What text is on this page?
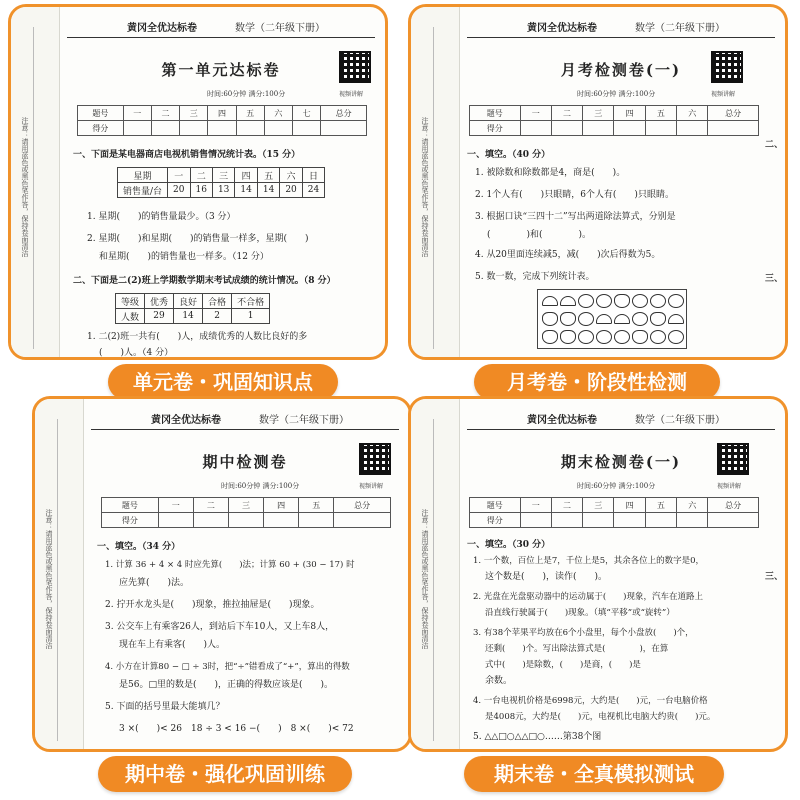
注意：请用蓝色或黑色笔作答，保持卷面清洁
黄冈全优达标卷	数学（二年级下册）
第一单元达标卷
时间:60分钟 满分:100分	视频讲解
题号	一	二	三	四	五	六	七	总分
得分								
一、下面是某电器商店电视机销售情况统计表。（15 分）
星期	一	二	三	四	五	六	日
销售量/台	20	16	13	14	14	20	24
1. 星期(　　)的销售量最少。（3 分）
2. 星期(　　)和星期(　　)的销售量一样多，星期(　　)
和星期(　　)的销售量也一样多。（12 分）
二、下面是二(2)班上学期数学期末考试成绩的统计情况。（8 分）
等级	优秀	良好	合格	不合格
人数	29	14	2	1
1. 二(2)班一共有(　　)人，成绩优秀的人数比良好的多
(　　)人。（4 分）
单元卷・巩固知识点
注意：请用蓝色或黑色笔作答，保持卷面清洁
黄冈全优达标卷	数学（二年级下册）
月考检测卷(一)
时间:60分钟 满分:100分	视频讲解
题号	一	二	三	四	五	六	总分
得分							
一、填空。（40 分）
1. 被除数和除数都是4，商是(　　)。
2. 1个人有(　　)只眼睛，6个人有(　　)只眼睛。
3. 根据口诀“三四十二”写出两道除法算式，分别是
(　　　　)和(　　　　)。
4. 从20里面连续减5，减(　　)次后得数为5。
5. 数一数，完成下列统计表。
二、
三、
月考卷・阶段性检测
注意：请用蓝色或黑色笔作答，保持卷面清洁
黄冈全优达标卷	数学（二年级下册）
期中检测卷
时间:60分钟 满分:100分	视频讲解
题号	一	二	三	四	五	总分
得分						
一、填空。（34 分）
1. 计算 36 + 4 × 4 时应先算(　　)法；计算 60 + (30 − 17) 时
应先算(　　)法。
2. 拧开水龙头是(　　)现象，推拉抽屉是(　　)现象。
3. 公交车上有乘客26人，到站后下车10人，又上车8人，
现在车上有乘客(　　)人。
4. 小方在计算80 − □ ÷ 3时，把“÷”错看成了“+”，算出的得数
是56。□里的数是(　　)，正确的得数应该是(　　)。
5. 下面的括号里最大能填几？
3 ×(　　)< 26　18 ÷ 3 < 16 −(　　)　8 ×(　　)< 72
期中卷・强化巩固训练
注意：请用蓝色或黑色笔作答，保持卷面清洁
黄冈全优达标卷	数学（二年级下册）
期末检测卷(一)
时间:60分钟 满分:100分	视频讲解
题号	一	二	三	四	五	六	总分
得分							
一、填空。（30 分）
1. 一个数，百位上是7，千位上是5，其余各位上的数字是0，
这个数是(　　)，读作(　　)。
2. 光盘在光盘驱动器中的运动属于(　　)现象，汽车在道路上
沿直线行驶属于(　　)现象。（填“平移”或“旋转”）
3. 有38个苹果平均放在6个小盘里，每个小盘放(　　)个，
还剩(　　)个。写出除法算式是(　　　　)，在算
式中(　　)是除数，(　　)是商，(　　)是
余数。
4. 一台电视机价格是6998元，大约是(　　)元，一台电脑价格
是4008元，大约是(　　)元，电视机比电脑大约贵(　　)元。
5. △△□○△△□○……第38个图
三、
期末卷・全真模拟测试
